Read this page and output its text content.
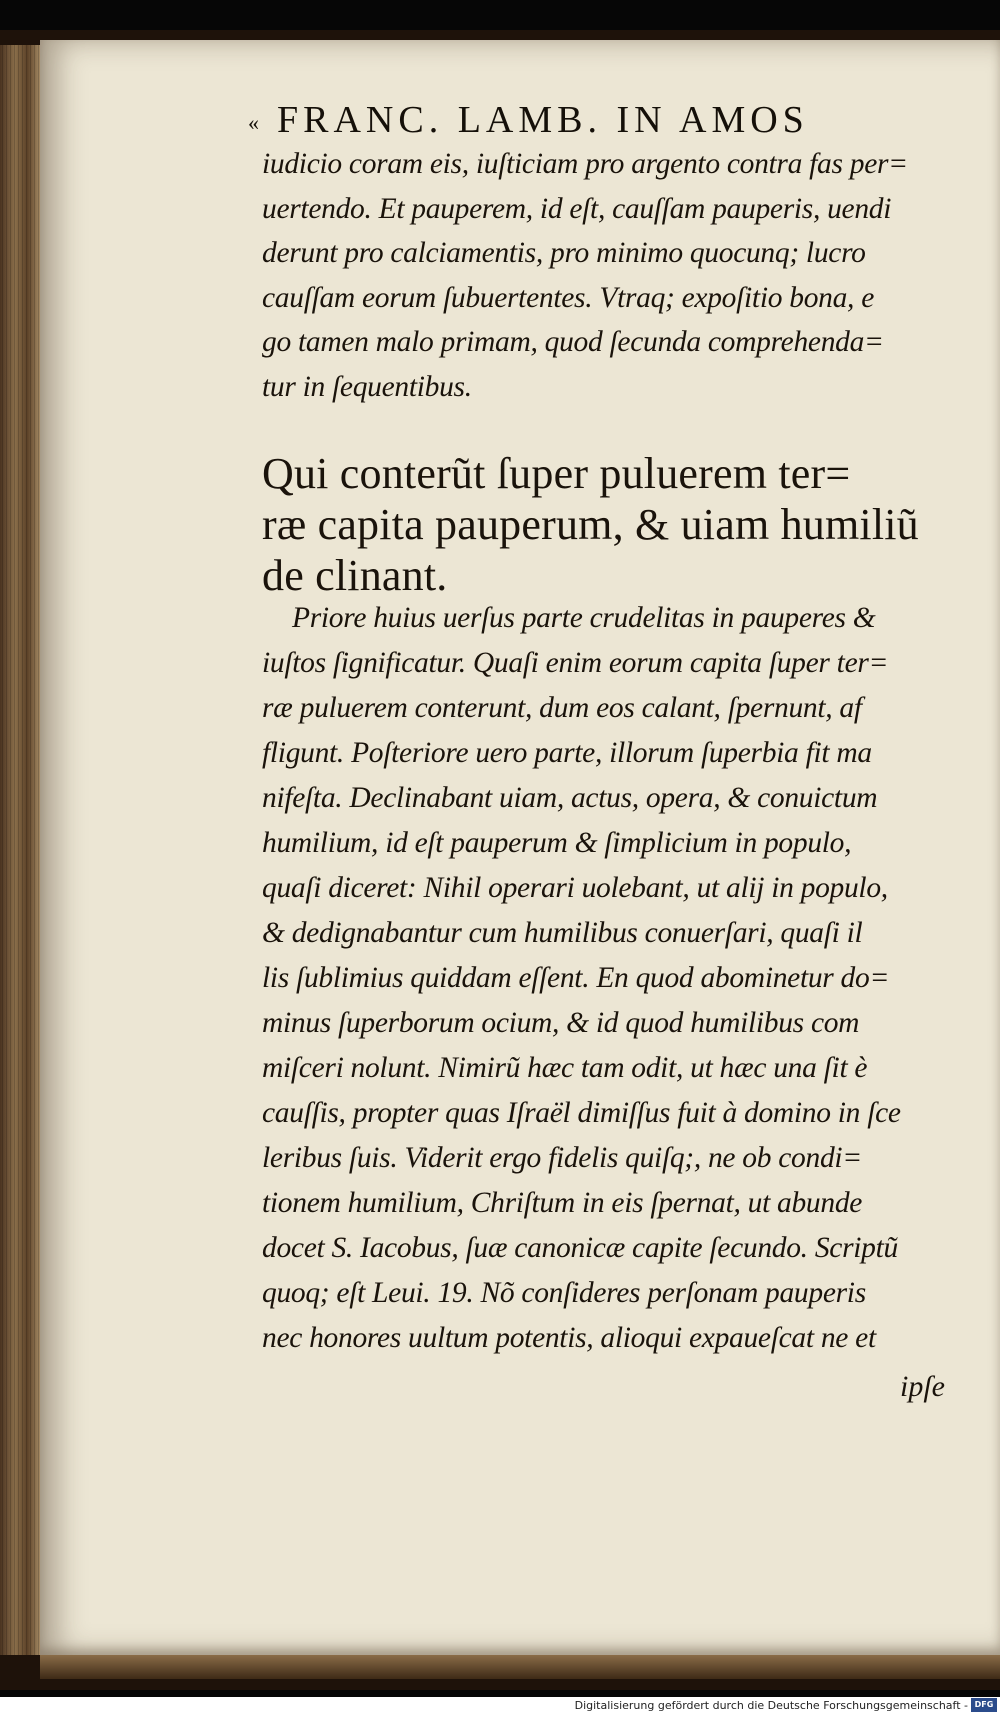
« FRANC. LAMB. IN AMOS
iudicio coram eis, iuſticiam pro argento contra fas per=
uertendo. Et pauperem, id eſt, cauſſam pauperis, uendi
derunt pro calciamentis, pro minimo quocunq; lucro
cauſſam eorum ſubuertentes. Vtraq; expoſitio bona, e
go tamen malo primam, quod ſecunda comprehenda=
tur in ſequentibus.
Qui conterũt ſuper puluerem ter=
ræ capita pauperum, & uiam humiliũ
de clinant.
Priore huius uerſus parte crudelitas in pauperes &
iuſtos ſignificatur. Quaſi enim eorum capita ſuper ter=
ræ puluerem conterunt, dum eos calant, ſpernunt, af
fligunt. Poſteriore uero parte, illorum ſuperbia fit ma
nifeſta. Declinabant uiam, actus, opera, & conuictum
humilium, id eſt pauperum & ſimplicium in populo,
quaſi diceret: Nihil operari uolebant, ut alij in populo,
& dedignabantur cum humilibus conuerſari, quaſi il
lis ſublimius quiddam eſſent. En quod abominetur do=
minus ſuperborum ocium, & id quod humilibus com
miſceri nolunt. Nimirũ hæc tam odit, ut hæc una ſit è
cauſſis, propter quas Iſraël dimiſſus fuit à domino in ſce
leribus ſuis. Viderit ergo fidelis quiſq;, ne ob condi=
tionem humilium, Chriſtum in eis ſpernat, ut abunde
docet S. Iacobus, ſuæ canonicæ capite ſecundo. Scriptũ
quoq; eſt Leui. 19. Nõ conſideres perſonam pauperis
nec honores uultum potentis, alioqui expaueſcat ne et
ipſe
Digitalisierung gefördert durch die Deutsche Forschungsgemeinschaft - DFG
